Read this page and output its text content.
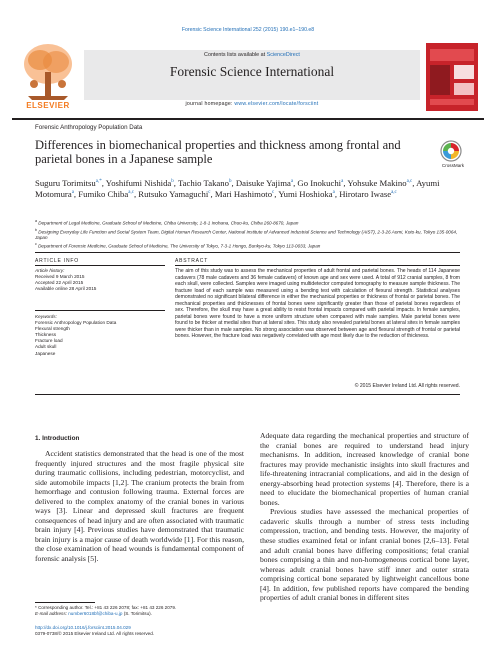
Forensic Science International 252 (2015) 190.e1–190.e8
ELSEVIER
Contents lists available at ScienceDirect
Forensic Science International
journal homepage: www.elsevier.com/locate/forsciint
Forensic Anthropology Population Data
Differences in biomechanical properties and thickness among frontal and parietal bones in a Japanese sample	CrossMark
Suguru Torimitsu$^{a,*}$, Yoshifumi Nishida$^b$, Tachio Takano$^b$, Daisuke Yajima$^a$, Go Inokuchi$^a$, Yohsuke Makino$^{a,c}$, Ayumi Motomura$^a$, Fumiko Chiba$^{a,c}$, Rutsuko Yamaguchi$^c$, Mari Hashimoto$^c$, Yumi Hoshioka$^a$, Hirotaro Iwase$^{a,c}$
$^a$ Department of Legal Medicine, Graduate School of Medicine, Chiba University, 1-8-1 Inohana, Chuo-ku, Chiba 260-8670, Japan
$^b$ Designing Everyday Life Function and Social System Team, Digital Human Research Center, National Institute of Advanced Industrial Science and Technology (AIST), 2-3-26 Aomi, Koto-ku, Tokyo 135-0064, Japan
$^c$ Department of Forensic Medicine, Graduate School of Medicine, The University of Tokyo, 7-3-1 Hongo, Bunkyo-ku, Tokyo 113-0033, Japan
ARTICLE INFO
Article history:
Received 9 March 2015
Accepted 22 April 2015
Available online 28 April 2015
Keywords:
Forensic Anthropology Population Data
Flexural strength
Thickness
Fracture load
Adult skull
Japanese
ABSTRACT
The aim of this study was to assess the mechanical properties of adult frontal and parietal bones. The heads of 114 Japanese cadavers (78 male cadavers and 36 female cadavers) of known age and sex were used. A total of 912 cranial samples, 8 from each skull, were collected. Samples were imaged using multidetector computed tomography to measure sample thickness. The fracture load of each sample was measured using a bending test with calculation of flexural strength. Statistical analyses demonstrated no significant bilateral difference in either the mechanical properties or thickness of frontal or parietal bones. The mechanical properties and thicknesses of frontal bones were significantly greater than those of parietal bones regardless of sex. Therefore, the skull may have a great ability to resist frontal impacts compared with parietal impacts. In female samples, parietal bones were found to have a more uniform structure when compared with male samples. Male parietal bones were found to be thicker at medial sites than at lateral sites. This study also revealed parietal bones at lateral sites in female samples were thicker than in male samples. No strong association was observed between age and flexural strength of frontal or parietal bones. However, the fracture load was negatively correlated with age most likely due to the reduction of thickness.
© 2015 Elsevier Ireland Ltd. All rights reserved.
1. Introduction

Accident statistics demonstrated that the head is one of the most frequently injured structures and the most fragile physical site during traumatic collisions, including pedestrian, motorcyclist, and side automobile impacts [1,2]. The cranium protects the brain from hemorrhage and contusion following trauma. External forces are delivered to the complex anatomy of the cranial bones in various ways [3]. Linear and depressed skull fractures are frequent consequences of head injury and are often associated with traumatic brain injury [4]. Previous studies have demonstrated that traumatic brain injury is a major cause of death worldwide [1]. For this reason, the close examination of head wounds is fundamental component of forensic analysis [5].

Adequate data regarding the mechanical properties and structure of the cranial bones are required to understand head injury mechanisms. In addition, increased knowledge of cranial bone fractures may provide mechanistic insights into skull fractures and life-threatening intracranial complications, and aid in the design of energy-absorbing head protection systems [4]. Therefore, there is a need to elucidate the biomechanical properties of human cranial bones.

Previous studies have assessed the mechanical properties of cadaveric skulls through a number of stress tests including compression, traction, and bending tests. However, the majority of these studies examined fetal or infant cranial bones [2,6–13]. Fetal and adult cranial bones have differing compositions; fetal cranial bones comprising a thin and non-homogeneous cortical bone layer, whereas adult cranial bones have stiff inner and outer strata comprising cortical bone separated by lightweight cancellous bone [4]. In addition, few published reports have compared the bending properties of adult cranial bones in different sites

* Corresponding author. Tel.: +81 43 226 2078; fax: +81 43 226 2079.
E-mail address: number6018bf@chiba-u.jp (S. Torimitsu).
http://dx.doi.org/10.1016/j.forsciint.2015.04.029
0379-0738/© 2015 Elsevier Ireland Ltd. All rights reserved.
